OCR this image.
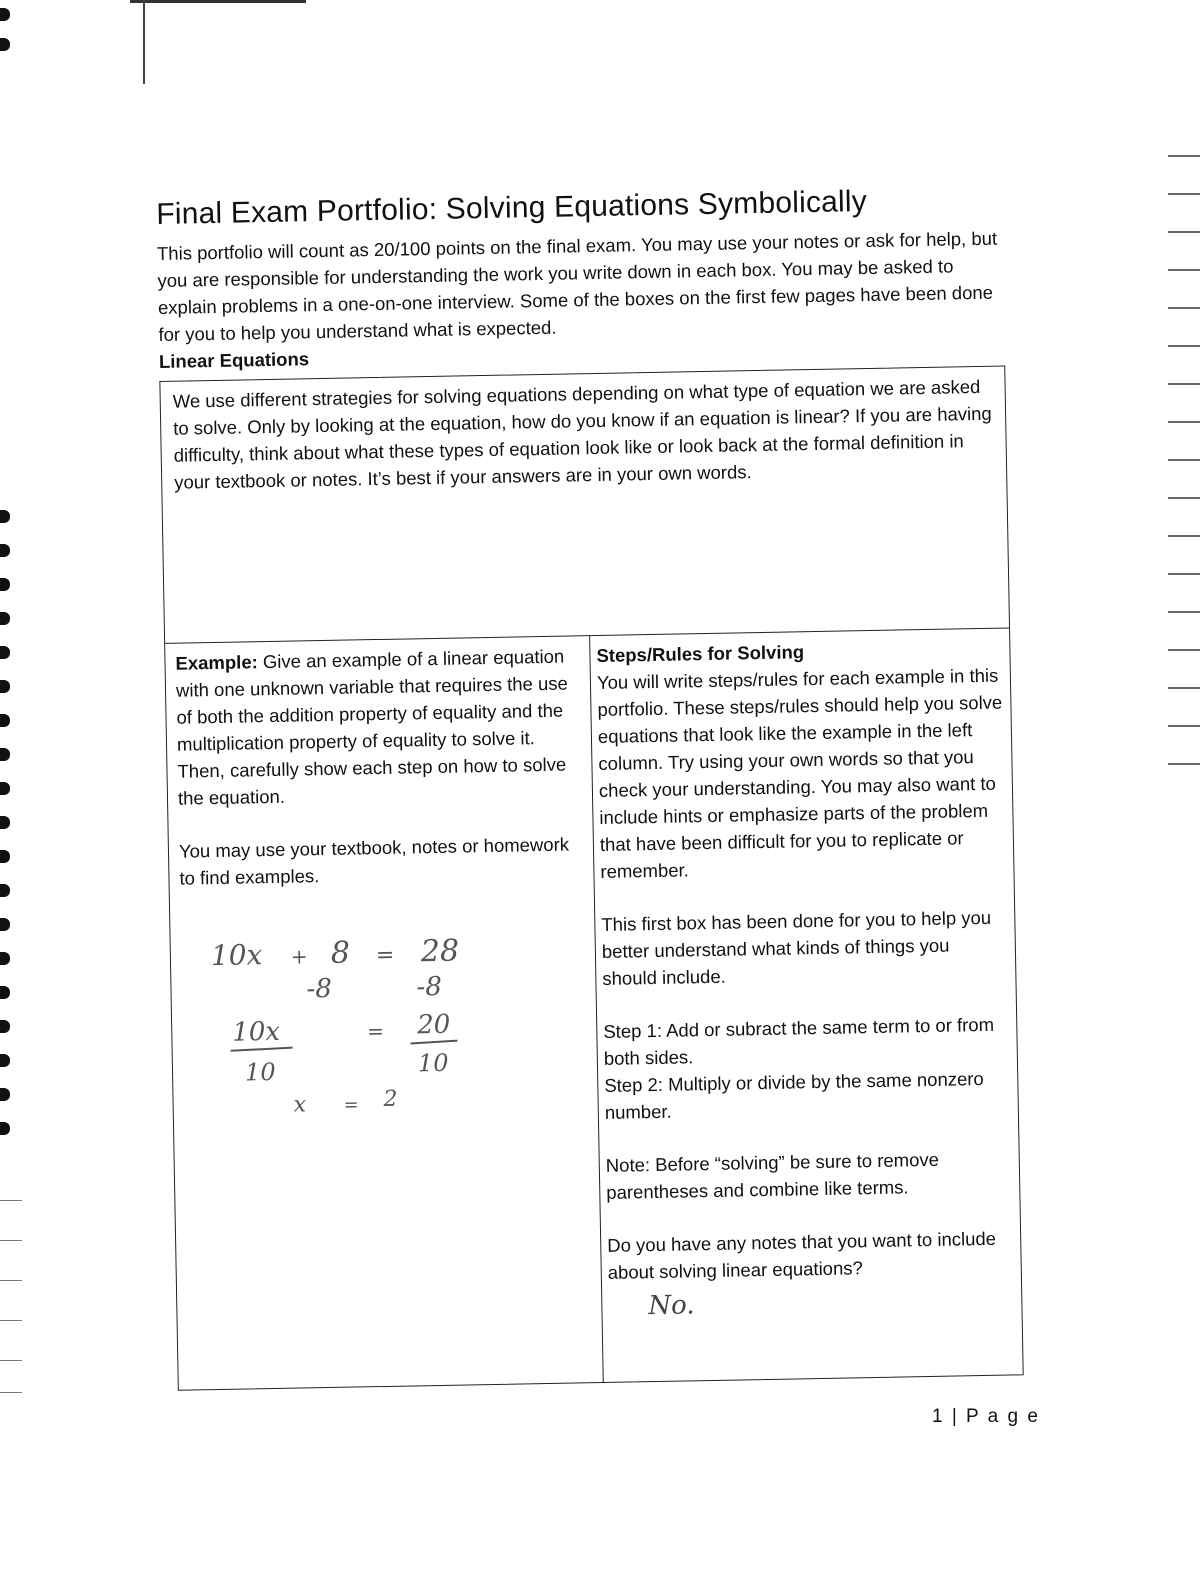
Final Exam Portfolio: Solving Equations Symbolically

This portfolio will count as 20/100 points on the final exam. You may use your notes or ask for help, but you are responsible for understanding the work you write down in each box. You may be asked to explain problems in a one-on-one interview. Some of the boxes on the first few pages have been done for you to help you understand what is expected.

Linear Equations

We use different strategies for solving equations depending on what type of equation we are asked to solve. Only by looking at the equation, how do you know if an equation is linear? If you are having difficulty, think about what these types of equation look like or look back at the formal definition in your textbook or notes. It’s best if your answers are in your own words.

Example: Give an example of a linear equation with one unknown variable that requires the use of both the addition property of equality and the multiplication property of equality to solve it. Then, carefully show each step on how to solve the equation.

You may use your textbook, notes or homework to find examples.

10x + 8 = 28
-8	-8
10x	= 20
10	10
x = 2

Steps/Rules for Solving

You will write steps/rules for each example in this portfolio. These steps/rules should help you solve equations that look like the example in the left column. Try using your own words so that you check your understanding. You may also want to include hints or emphasize parts of the problem that have been difficult for you to replicate or remember.

This first box has been done for you to help you better understand what kinds of things you should include.

Step 1: Add or subract the same term to or from both sides.

Step 2: Multiply or divide by the same nonzero number.

Note: Before “solving” be sure to remove parentheses and combine like terms.

Do you have any notes that you want to include about solving linear equations?

No.
1 | P a g e
